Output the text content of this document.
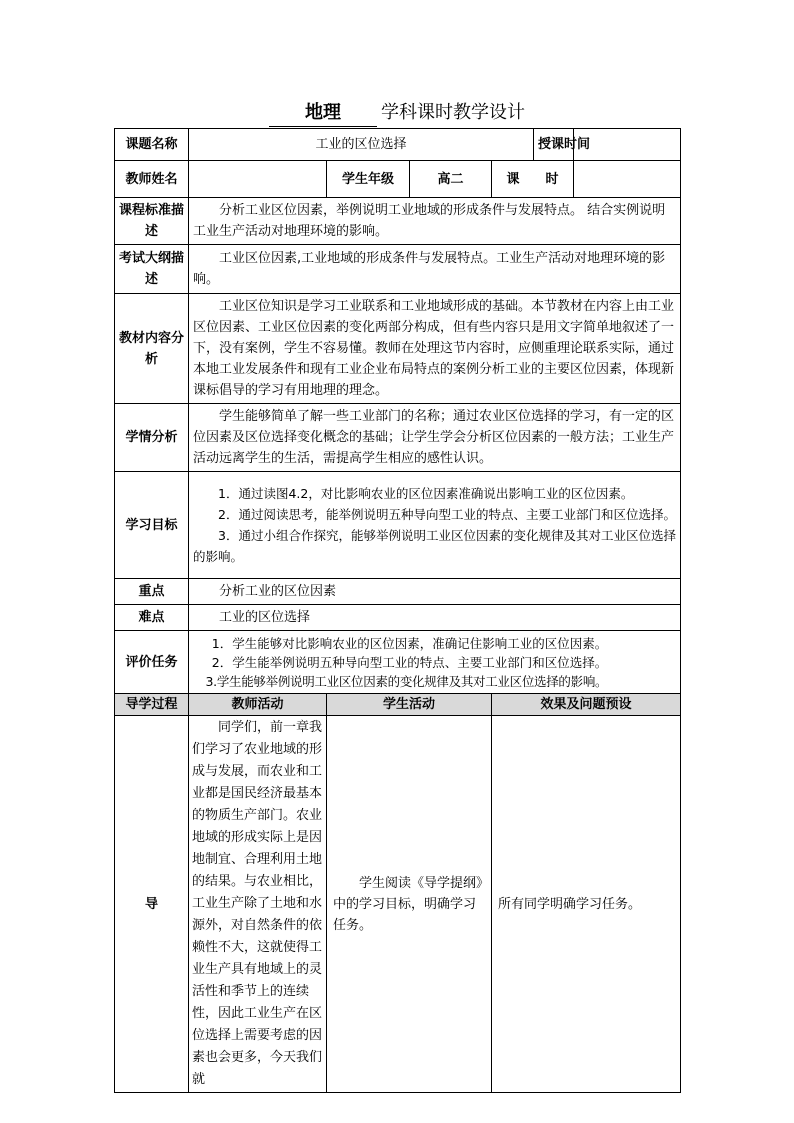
地理 学科课时教学设计
课题名称	工业的区位选择				授课时间	
教师姓名		学生年级	高二	课　　时		
课程标准描述	分析工业区位因素，举例说明工业地域的形成条件与发展特点。 结合实例说明工业生产活动对地理环境的影响。					

考试大纲描述	工业区位因素,工业地域的形成条件与发展特点。工业生产活动对地理环境的影响。					

教材内容分析	工业区位知识是学习工业联系和工业地域形成的基础。本节教材在内容上由工业区位因素、工业区位因素的变化两部分构成，但有些内容只是用文字简单地叙述了一下，没有案例，学生不容易懂。教师在处理这节内容时，应侧重理论联系实际，通过本地工业发展条件和现有工业企业布局特点的案例分析工业的主要区位因素，体现新课标倡导的学习有用地理的理念。					

学情分析	学生能够简单了解一些工业部门的名称；通过农业区位选择的学习，有一定的区位因素及区位选择变化概念的基础；让学生学会分析区位因素的一般方法；工业生产活动远离学生的生活，需提高学生相应的感性认识。					

学习目标	1．通过读图4.2，对比影响农业的区位因素准确说出影响工业的区位因素。
2．通过阅读思考，能举例说明五种导向型工业的特点、主要工业部门和区位选择。
3．通过小组合作探究，能够举例说明工业区位因素的变化规律及其对工业区位选择的影响。					

重点	分析工业的区位因素					

难点	工业的区位选择					

评价任务	1．学生能够对比影响农业的区位因素，准确记住影响工业的区位因素。
2．学生能举例说明五种导向型工业的特点、主要工业部门和区位选择。
3.学生能够举例说明工业区位因素的变化规律及其对工业区位选择的影响。					

导学过程	教师活动	学生活动		效果及问题预设		
导	同学们，前一章我们学习了农业地域的形成与发展，而农业和工业都是国民经济最基本的物质生产部门。农业地域的形成实际上是因地制宜、合理利用土地的结果。与农业相比，工业生产除了土地和水源外，对自然条件的依赖性不大，这就使得工业生产具有地域上的灵活性和季节上的连续性，因此工业生产在区位选择上需要考虑的因素也会更多，今天我们就	学生阅读《导学提纲》中的学习目标，明确学习任务。		所有同学明确学习任务。		
